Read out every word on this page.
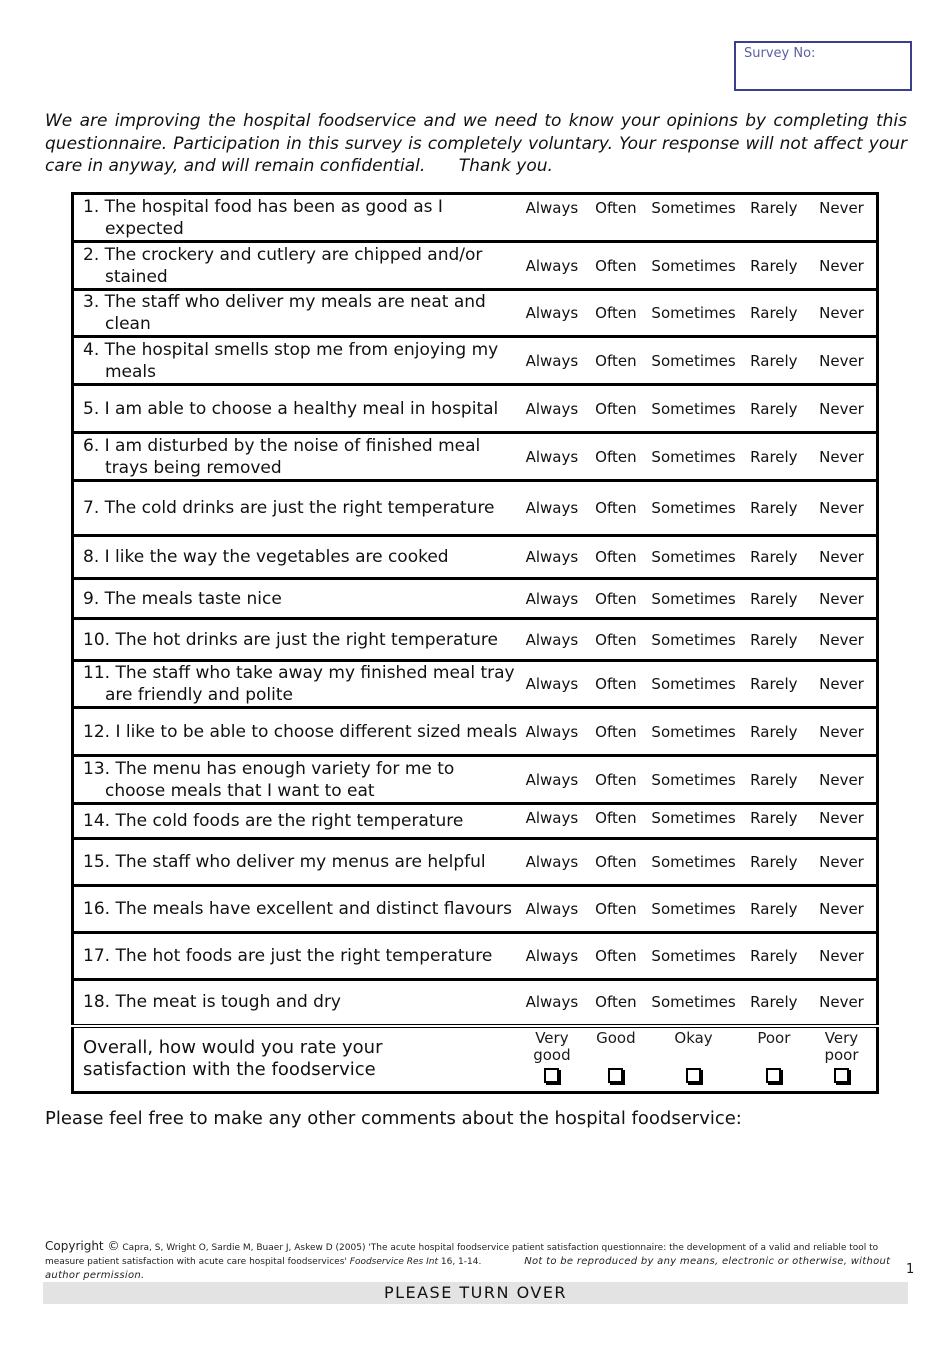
Survey No:
We are improving the hospital foodservice and we need to know your opinions by completing this questionnaire. Participation in this survey is completely voluntary. Your response will not affect your care in anyway, and will remain confidential. Thank you.
1. The hospital food has been as good as I expected	Always	Often	Sometimes	Rarely	Never

2. The crockery and cutlery are chipped and/or stained	Always	Often	Sometimes	Rarely	Never

3. The staff who deliver my meals are neat and clean	Always	Often	Sometimes	Rarely	Never

4. The hospital smells stop me from enjoying my meals	Always	Often	Sometimes	Rarely	Never

5. I am able to choose a healthy meal in hospital	Always	Often	Sometimes	Rarely	Never

6. I am disturbed by the noise of finished meal trays being removed	Always	Often	Sometimes	Rarely	Never

7. The cold drinks are just the right temperature	Always	Often	Sometimes	Rarely	Never

8. I like the way the vegetables are cooked	Always	Often	Sometimes	Rarely	Never

9. The meals taste nice	Always	Often	Sometimes	Rarely	Never

10. The hot drinks are just the right temperature	Always	Often	Sometimes	Rarely	Never

11. The staff who take away my finished meal tray are friendly and polite	Always	Often	Sometimes	Rarely	Never

12. I like to be able to choose different sized meals	Always	Often	Sometimes	Rarely	Never

13. The menu has enough variety for me to choose meals that I want to eat	Always	Often	Sometimes	Rarely	Never

14. The cold foods are the right temperature	Always	Often	Sometimes	Rarely	Never

15. The staff who deliver my menus are helpful	Always	Often	Sometimes	Rarely	Never

16. The meals have excellent and distinct flavours	Always	Often	Sometimes	Rarely	Never

17. The hot foods are just the right temperature	Always	Often	Sometimes	Rarely	Never

18. The meat is tough and dry	Always	Often	Sometimes	Rarely	Never
Overall, how would you rate your satisfaction with the foodservice	Very good	Good	Okay	Poor	Very poor
Please feel free to make any other comments about the hospital foodservice:
Copyright © Capra, S, Wright O, Sardie M, Buaer J, Askew D (2005) 'The acute hospital foodservice patient satisfaction questionnaire: the development of a valid and reliable tool to measure patient satisfaction with acute care hospital foodservices' Foodservice Res Int 16, 1-14.	Not to be reproduced by any means, electronic or otherwise, without author permission.	1
PLEASE TURN OVER
